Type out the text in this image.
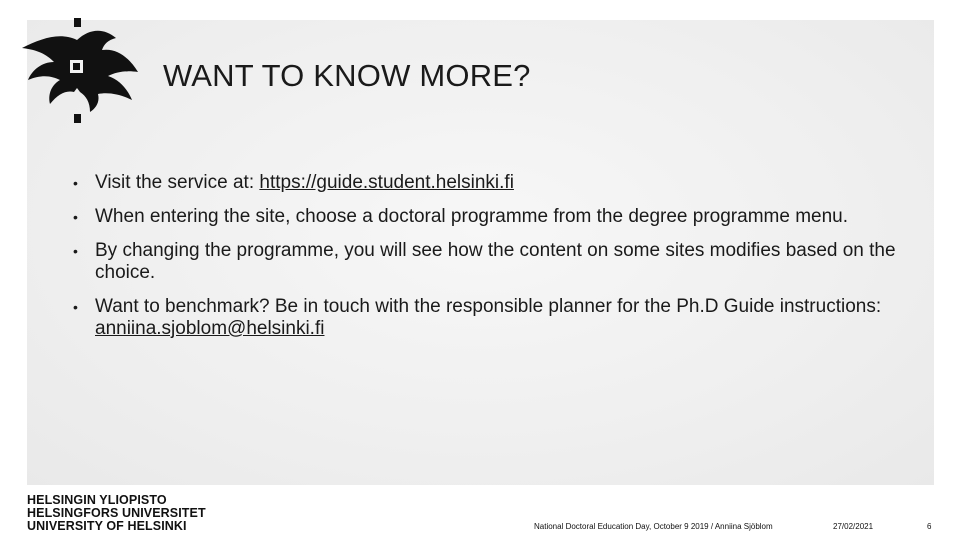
WANT TO KNOW MORE?
• Visit the service at: https://guide.student.helsinki.fi
• When entering the site, choose a doctoral programme from the degree programme menu.
• By changing the programme, you will see how the content on some sites modifies based on the choice.
• Want to benchmark? Be in touch with the responsible planner for the Ph.D Guide instructions: anniina.sjoblom@helsinki.fi
HELSINGIN YLIOPISTO
HELSINGFORS UNIVERSITET
UNIVERSITY OF HELSINKI	National Doctoral Education Day, October 9 2019 / Anniina Sjöblom	27/02/2021	6
